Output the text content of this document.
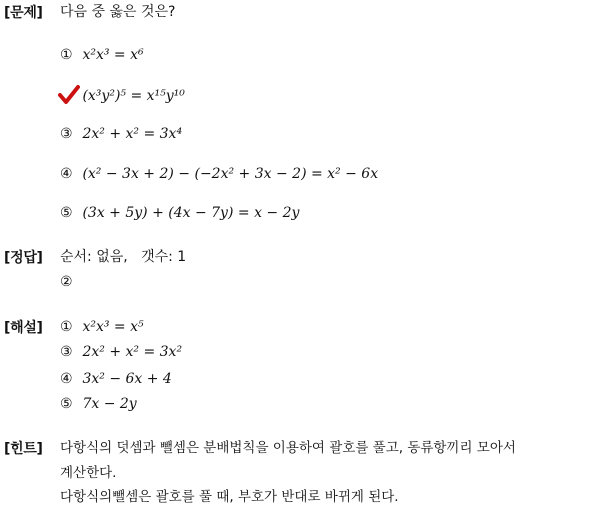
[문제] 다음 중 옳은 것은?
① x²x³ = x⁶
(x³y²)⁵ = x¹⁵y¹⁰
③ 2x² + x² = 3x⁴
④ (x² − 3x + 2) − (−2x² + 3x − 2) = x² − 6x
⑤ (3x + 5y) + (4x − 7y) = x − 2y
[정답] 순서: 없음,   갯수: 1
②
[해설] ① x²x³ = x⁵
③ 2x² + x² = 3x²
④ 3x² − 6x + 4
⑤ 7x − 2y
[힌트] 다항식의 덧셈과 뺄셈은 분배법칙을 이용하여 괄호를 풀고, 동류항끼리 모아서
계산한다.
다항식의뺄셈은 괄호를 풀 때, 부호가 반대로 바뀌게 된다.
